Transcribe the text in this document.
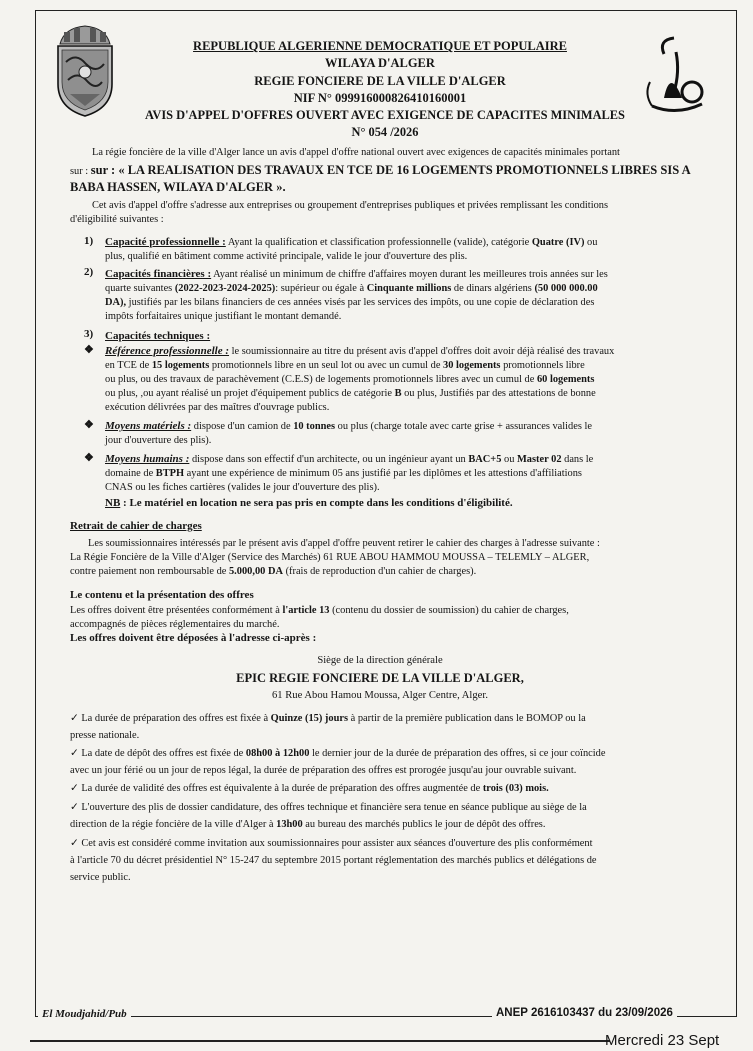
REPUBLIQUE ALGERIENNE DEMOCRATIQUE ET POPULAIRE

WILAYA D'ALGER

REGIE FONCIERE DE LA VILLE D'ALGER

NIF N° 099916000826410160001

AVIS D'APPEL D'OFFRES OUVERT AVEC EXIGENCE DE CAPACITES MINIMALES

N° 054 /2026

La régie foncière de la ville d'Alger lance un avis d'appel d'offre national ouvert avec exigences de capacités minimales portant

sur : sur : « LA REALISATION DES TRAVAUX EN TCE DE 16 LOGEMENTS PROMOTIONNELS LIBRES SIS A

BABA HASSEN, WILAYA D'ALGER ».

Cet avis d'appel d'offre s'adresse aux entreprises ou groupement d'entreprises publiques et privées remplissant les conditions

d'éligibilité suivantes :

1) Capacité professionnelle : Ayant la qualification et classification professionnelle (valide), catégorie Quatre (IV) ou

plus, qualifié en bâtiment comme activité principale, valide le jour d'ouverture des plis.

2) Capacités financières : Ayant réalisé un minimum de chiffre d'affaires moyen durant les meilleures trois années sur les

quarte suivantes (2022-2023-2024-2025): supérieur ou égale à Cinquante millions de dinars algériens (50 000 000.00

DA), justifiés par les bilans financiers de ces années visés par les services des impôts, ou une copie de déclaration des

impôts forfaitaires unique justifiant le montant demandé.

3) Capacités techniques :

❖ Référence professionnelle : le soumissionnaire au titre du présent avis d'appel d'offres doit avoir déjà réalisé des travaux

en TCE de 15 logements promotionnels libre en un seul lot ou avec un cumul de 30 logements promotionnels libre

ou plus, ou des travaux de parachèvement (C.E.S) de logements promotionnels libres avec un cumul de 60 logements

ou plus, ,ou ayant réalisé un projet d'équipement publics de catégorie B ou plus, Justifiés par des attestations de bonne

exécution délivrées par des maîtres d'ouvrage publics.

❖ Moyens matériels : dispose d'un camion de 10 tonnes ou plus (charge totale avec carte grise + assurances valides le

jour d'ouverture des plis).

❖ Moyens humains : dispose dans son effectif d'un architecte, ou un ingénieur ayant un BAC+5 ou Master 02 dans le

domaine de BTPH ayant une expérience de minimum 05 ans justifié par les diplômes et les attestions d'affiliations

CNAS ou les fiches cartières (valides le jour d'ouverture des plis).

NB : Le matériel en location ne sera pas pris en compte dans les conditions d'éligibilité.

Retrait de cahier de charges

Les soumissionnaires intéressés par le présent avis d'appel d'offre peuvent retirer le cahier des charges à l'adresse suivante :

La Régie Foncière de la Ville d'Alger (Service des Marchés) 61 RUE ABOU HAMMOU MOUSSA – TELEMLY – ALGER,

contre paiement non remboursable de 5.000,00 DA (frais de reproduction d'un cahier de charges).

Le contenu et la présentation des offres

Les offres doivent être présentées conformément à l'article 13 (contenu du dossier de soumission) du cahier de charges,

accompagnés de pièces réglementaires du marché.

Les offres doivent être déposées à l'adresse ci-après :

Siège de la direction générale

EPIC REGIE FONCIERE DE LA VILLE D'ALGER,

61 Rue Abou Hamou Moussa, Alger Centre, Alger.

✓ La durée de préparation des offres est fixée à Quinze (15) jours à partir de la première publication dans le BOMOP ou la

presse nationale.

✓ La date de dépôt des offres est fixée de 08h00 à 12h00 le dernier jour de la durée de préparation des offres, si ce jour coïncide

avec un jour férié ou un jour de repos légal, la durée de préparation des offres est prorogée jusqu'au jour ouvrable suivant.

✓ La durée de validité des offres est équivalente à la durée de préparation des offres augmentée de trois (03) mois.

✓ L'ouverture des plis de dossier candidature, des offres technique et financière sera tenue en séance publique au siège de la

direction de la régie foncière de la ville d'Alger à 13h00 au bureau des marchés publics le jour de dépôt des offres.

✓ Cet avis est considéré comme invitation aux soumissionnaires pour assister aux séances d'ouverture des plis conformément

à l'article 70 du décret présidentiel N° 15-247 du septembre 2015 portant réglementation des marchés publics et délégations de

service public.

El Moudjahid/Pub	ANEP 2616103437 du 23/09/2026
Mercredi 23 Sept
